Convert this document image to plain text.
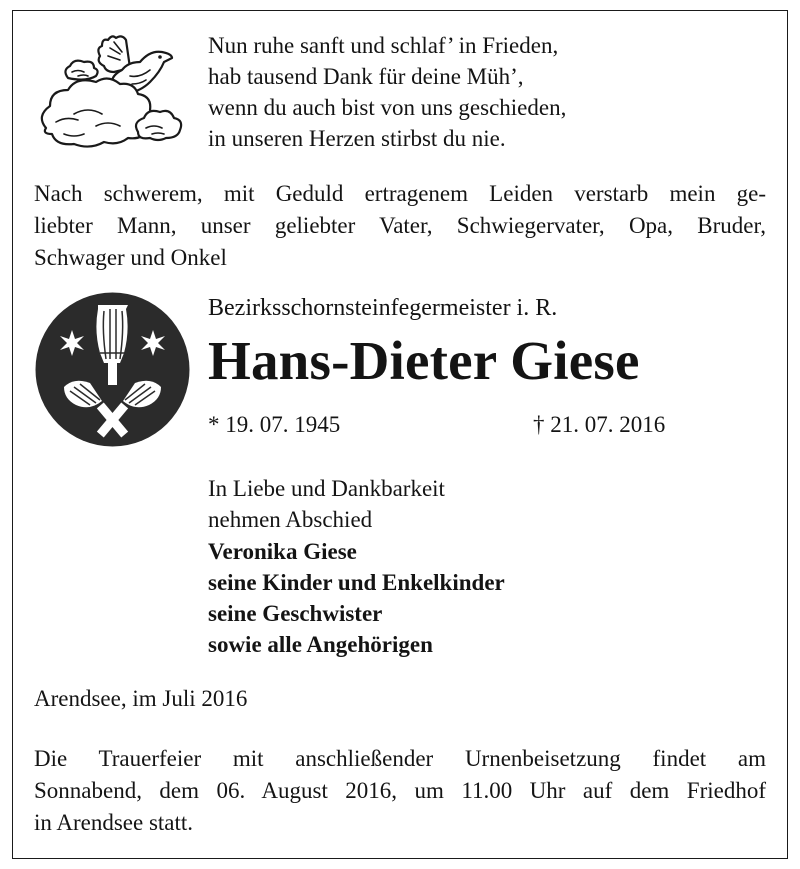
Nun ruhe sanft und schlaf’ in Frieden,
hab tausend Dank für deine Müh’,
wenn du auch bist von uns geschieden,
in unseren Herzen stirbst du nie.
Nach schwerem, mit Geduld ertragenem Leiden verstarb mein ge-
liebter Mann, unser geliebter Vater, Schwiegervater, Opa, Bruder,
Schwager und Onkel
Bezirksschornsteinfegermeister i. R.
Hans-Dieter Giese
* 19. 07. 1945	† 21. 07. 2016
In Liebe und Dankbarkeit
nehmen Abschied
Veronika Giese
seine Kinder und Enkelkinder
seine Geschwister
sowie alle Angehörigen
Arendsee, im Juli 2016
Die Trauerfeier mit anschließender Urnenbeisetzung findet am
Sonnabend, dem 06. August 2016, um 11.00 Uhr auf dem Friedhof
in Arendsee statt.
